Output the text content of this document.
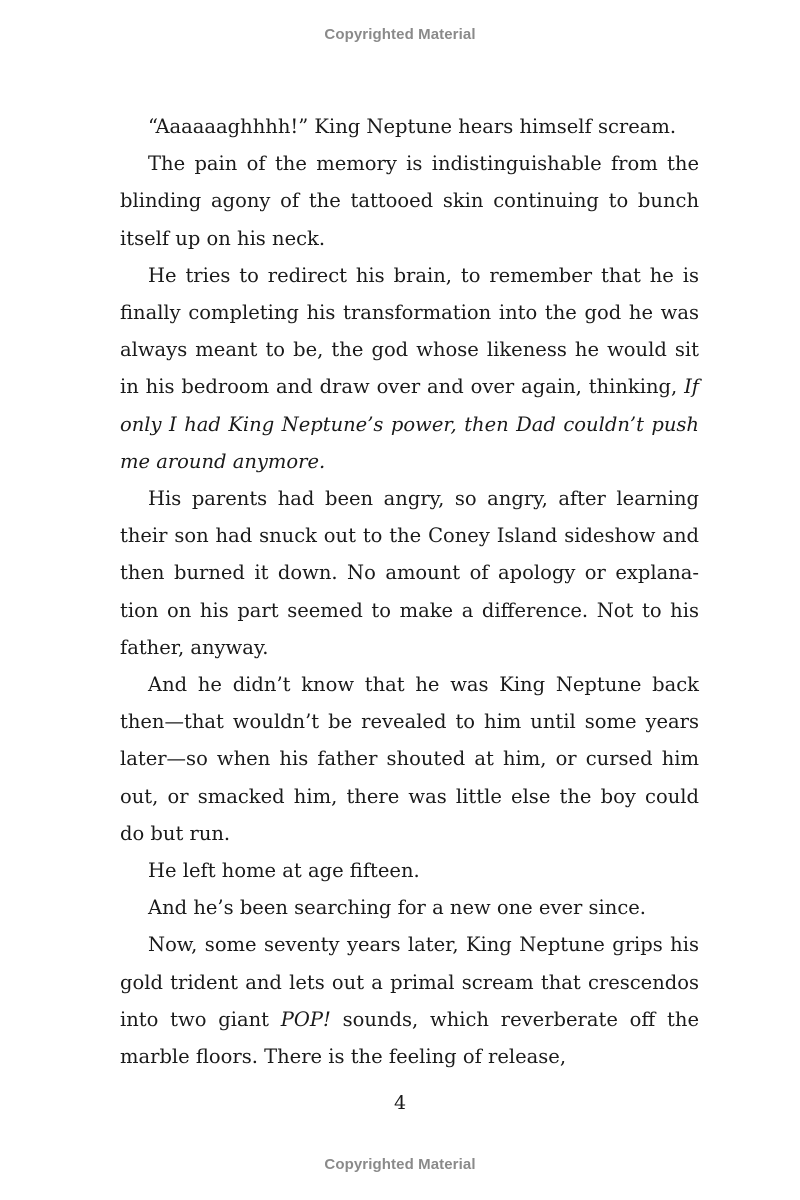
Copyrighted Material

“Aaaaaaghhhh!” King Neptune hears himself scream.

The pain of the memory is indistinguishable from the blinding agony of the tattooed skin continuing to bunch itself up on his neck.

He tries to redirect his brain, to remember that he is finally completing his transformation into the god he was always meant to be, the god whose likeness he would sit in his bedroom and draw over and over again, thinking, If only I had King Neptune’s power, then Dad couldn’t push me around anymore.

His parents had been angry, so angry, after learning their son had snuck out to the Coney Island sideshow and then burned it down. No amount of apology or explanation on his part seemed to make a difference. Not to his father, anyway.

And he didn’t know that he was King Neptune back then—that wouldn’t be revealed to him until some years later—so when his father shouted at him, or cursed him out, or smacked him, there was little else the boy could do but run.

He left home at age fifteen.

And he’s been searching for a new one ever since.

Now, some seventy years later, King Neptune grips his gold trident and lets out a primal scream that crescendos into two giant POP! sounds, which reverberate off the marble floors. There is the feeling of release,

4
Copyrighted Material
